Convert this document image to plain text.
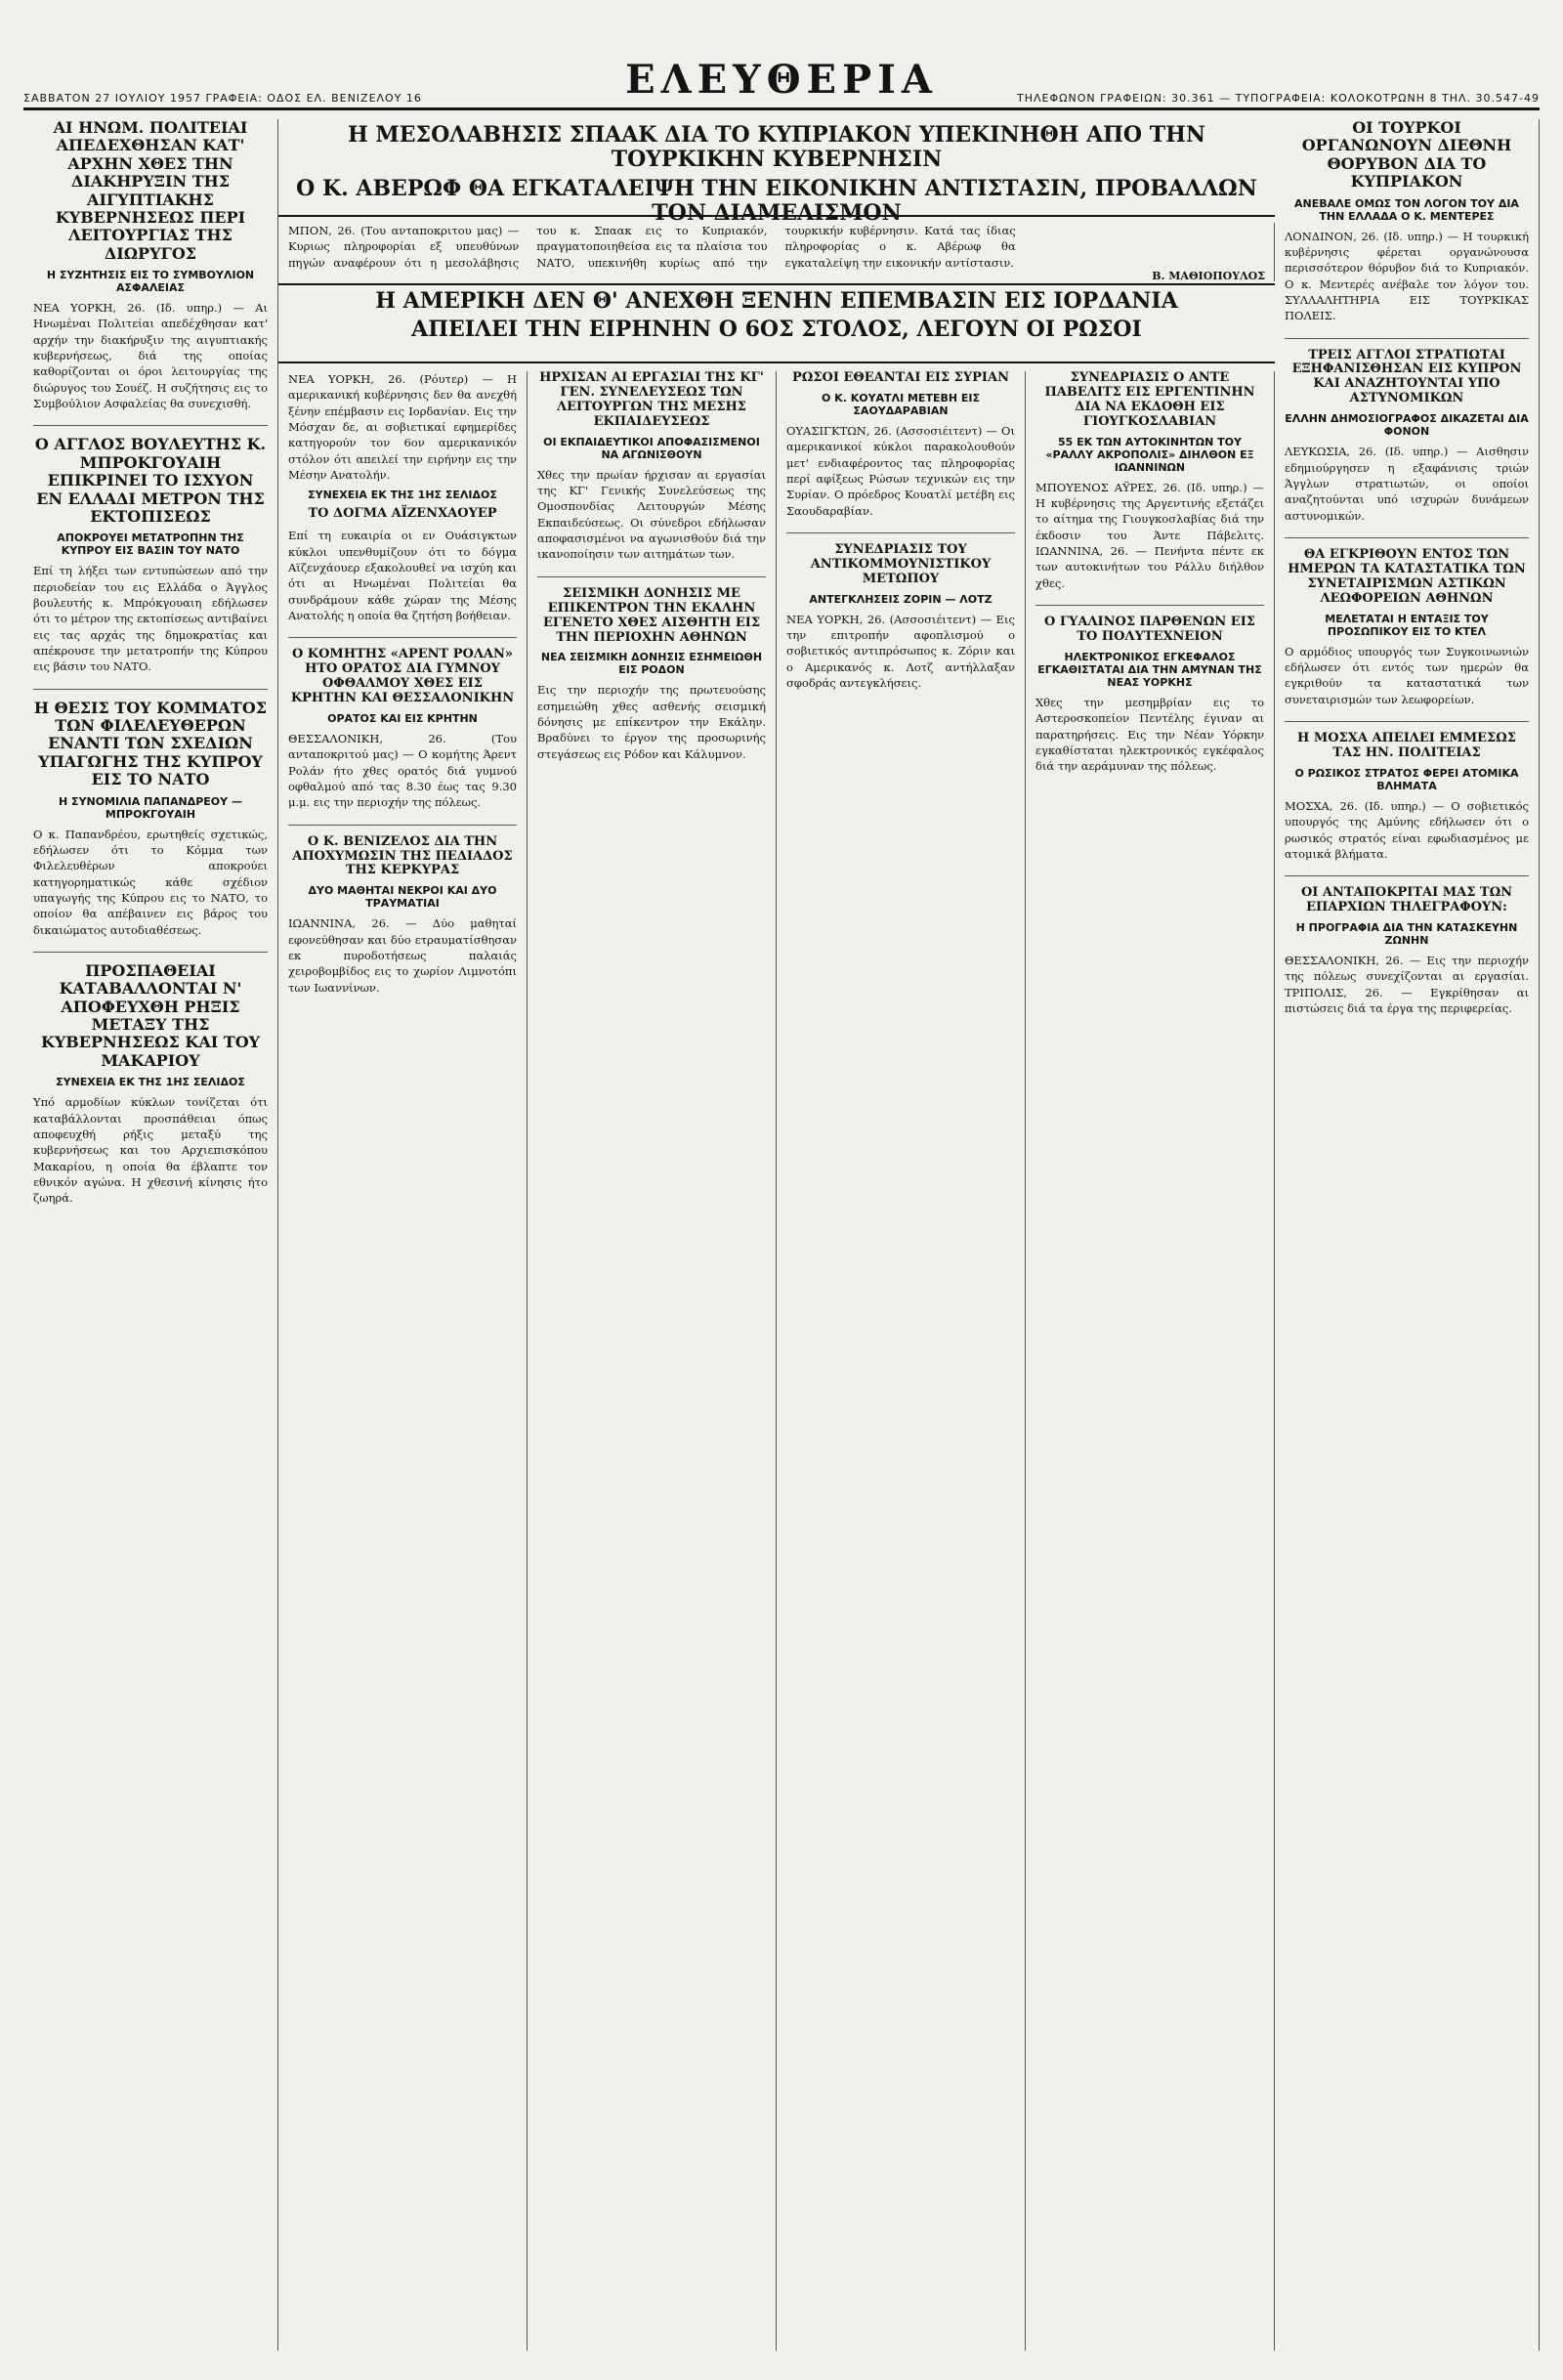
ΣΑΒΒΑΤΟΝ 27 ΙΟΥΛΙΟΥ 1957 ΓΡΑΦΕΙΑ: ΟΔΟΣ ΕΛ. ΒΕΝΙΖΕΛΟΥ 16	ΕΛΕΥΘΕΡΙΑ	ΤΗΛΕΦΩΝΟΝ ΓΡΑΦΕΙΩΝ: 30.361 — ΤΥΠΟΓΡΑΦΕΙΑ: ΚΟΛΟΚΟΤΡΩΝΗ 8 ΤΗΛ. 30.547-49
Η ΜΕΣΟΛΑΒΗΣΙΣ ΣΠΑΑΚ ΔΙΑ ΤΟ ΚΥΠΡΙΑΚΟΝ ΥΠΕΚΙΝΗΘΗ ΑΠΟ ΤΗΝ ΤΟΥΡΚΙΚΗΝ ΚΥΒΕΡΝΗΣΙΝ
Ο Κ. ΑΒΕΡΩΦ ΘΑ ΕΓΚΑΤΑΛΕΙΨΗ ΤΗΝ ΕΙΚΟΝΙΚΗΝ ΑΝΤΙΣΤΑΣΙΝ, ΠΡΟΒΑΛΛΩΝ ΤΟΝ ΔΙΑΜΕΛΙΣΜΟΝ
Η ΑΜΕΡΙΚΗ ΔΕΝ Θ' ΑΝΕΧΘΗ ΞΕΝΗΝ ΕΠΕΜΒΑΣΙΝ ΕΙΣ ΙΟΡΔΑΝΙΑ
ΑΠΕΙΛΕΙ ΤΗΝ ΕΙΡΗΝΗΝ Ο 6ΟΣ ΣΤΟΛΟΣ, ΛΕΓΟΥΝ ΟΙ ΡΩΣΟΙ
ΑΙ ΗΝΩΜ. ΠΟΛΙΤΕΙΑΙ ΑΠΕΔΕΧΘΗΣΑΝ ΚΑΤ' ΑΡΧΗΝ ΧΘΕΣ ΤΗΝ ΔΙΑΚΗΡΥΞΙΝ ΤΗΣ ΑΙΓΥΠΤΙΑΚΗΣ ΚΥΒΕΡΝΗΣΕΩΣ ΠΕΡΙ ΛΕΙΤΟΥΡΓΙΑΣ ΤΗΣ ΔΙΩΡΥΓΟΣ
Η ΣΥΖΗΤΗΣΙΣ ΕΙΣ ΤΟ ΣΥΜΒΟΥΛΙΟΝ ΑΣΦΑΛΕΙΑΣ

ΝΕΑ ΥΟΡΚΗ, 26. (Ιδ. υπηρ.) — Αι Ηνωμέναι Πολιτείαι απεδέχθησαν κατ' αρχήν την διακήρυξιν της αιγυπτιακής κυβερνήσεως, διά της οποίας καθορίζονται οι όροι λειτουργίας της διώρυγος του Σουέζ. Η συζήτησις εις το Συμβούλιον Ασφαλείας θα συνεχισθή.

Ο ΑΓΓΛΟΣ ΒΟΥΛΕΥΤΗΣ Κ. ΜΠΡΟΚΓΟΥΑΙΗ ΕΠΙΚΡΙΝΕΙ ΤΟ ΙΣΧΥΟΝ ΕΝ ΕΛΛΑΔΙ ΜΕΤΡΟΝ ΤΗΣ ΕΚΤΟΠΙΣΕΩΣ
ΑΠΟΚΡΟΥΕΙ ΜΕΤΑΤΡΟΠΗΝ ΤΗΣ ΚΥΠΡΟΥ ΕΙΣ ΒΑΣΙΝ ΤΟΥ ΝΑΤΟ

Επί τη λήξει των εντυπώσεων από την περιοδείαν του εις Ελλάδα ο Άγγλος βουλευτής κ. Μπρόκγουαιη εδήλωσεν ότι το μέτρον της εκτοπίσεως αντιβαίνει εις τας αρχάς της δημοκρατίας και απέκρουσε την μετατροπήν της Κύπρου εις βάσιν του ΝΑΤΟ.

Η ΘΕΣΙΣ ΤΟΥ ΚΟΜΜΑΤΟΣ ΤΩΝ ΦΙΛΕΛΕΥΘΕΡΩΝ ΕΝΑΝΤΙ ΤΩΝ ΣΧΕΔΙΩΝ ΥΠΑΓΩΓΗΣ ΤΗΣ ΚΥΠΡΟΥ ΕΙΣ ΤΟ ΝΑΤΟ
Η ΣΥΝΟΜΙΛΙΑ ΠΑΠΑΝΔΡΕΟΥ — ΜΠΡΟΚΓΟΥΑΙΗ

Ο κ. Παπανδρέου, ερωτηθείς σχετικώς, εδήλωσεν ότι το Κόμμα των Φιλελευθέρων αποκρούει κατηγορηματικώς κάθε σχέδιον υπαγωγής της Κύπρου εις το ΝΑΤΟ, το οποίον θα απέβαινεν εις βάρος του δικαιώματος αυτοδιαθέσεως.

ΠΡΟΣΠΑΘΕΙΑΙ ΚΑΤΑΒΑΛΛΟΝΤΑΙ Ν' ΑΠΟΦΕΥΧΘΗ ΡΗΞΙΣ ΜΕΤΑΞΥ ΤΗΣ ΚΥΒΕΡΝΗΣΕΩΣ ΚΑΙ ΤΟΥ ΜΑΚΑΡΙΟΥ
ΣΥΝΕΧΕΙΑ ΕΚ ΤΗΣ 1ΗΣ ΣΕΛΙΔΟΣ

Υπό αρμοδίων κύκλων τονίζεται ότι καταβάλλονται προσπάθειαι όπως αποφευχθή ρήξις μεταξύ της κυβερνήσεως και του Αρχιεπισκόπου Μακαρίου, η οποία θα έβλαπτε τον εθνικόν αγώνα. Η χθεσινή κίνησις ήτο ζωηρά.

ΜΠΟΝ, 26. (Του ανταποκριτου μας) — Κυριως πληροφορίαι εξ υπευθύνων πηγών αναφέρουν ότι η μεσολάβησις του κ. Σπαακ εις το Κυπριακόν, πραγματοποιηθείσα εις τα πλαίσια του ΝΑΤΟ, υπεκινήθη κυρίως από την τουρκικήν κυβέρνησιν. Κατά τας ίδιας πληροφορίας ο κ. Αβέρωφ θα εγκαταλείψη την εικονικήν αντίστασιν.

Β. ΜΑΘΙΟΠΟΥΛΟΣ

ΝΕΑ ΥΟΡΚΗ, 26. (Ρόυτερ) — Η αμερικανική κυβέρνησις δεν θα ανεχθή ξένην επέμβασιν εις Ιορδανίαν. Εις την Μόσχαν δε, αι σοβιετικαί εφημερίδες κατηγορούν τον 6ον αμερικανικόν στόλον ότι απειλεί την ειρήνην εις την Μέσην Ανατολήν.

ΣΥΝΕΧΕΙΑ ΕΚ ΤΗΣ 1ΗΣ ΣΕΛΙΔΟΣ
ΤΟ ΔΟΓΜΑ ΑΪΖΕΝΧΑΟΥΕΡ

Επί τη ευκαιρία οι εν Ουάσιγκτων κύκλοι υπενθυμίζουν ότι το δόγμα Αϊζενχάουερ εξακολουθεί να ισχύη και ότι αι Ηνωμέναι Πολιτείαι θα συνδράμουν κάθε χώραν της Μέσης Ανατολής η οποία θα ζητήση βοήθειαν.

Ο ΚΟΜΗΤΗΣ «ΑΡΕΝΤ ΡΟΛΑΝ» ΗΤΟ ΟΡΑΤΟΣ ΔΙΑ ΓΥΜΝΟΥ ΟΦΘΑΛΜΟΥ ΧΘΕΣ ΕΙΣ ΚΡΗΤΗΝ ΚΑΙ ΘΕΣΣΑΛΟΝΙΚΗΝ
ΟΡΑΤΟΣ ΚΑΙ ΕΙΣ ΚΡΗΤΗΝ

ΘΕΣΣΑΛΟΝΙΚΗ, 26. (Του ανταποκριτού μας) — Ο κομήτης Άρεντ Ρολάν ήτο χθες ορατός διά γυμνού οφθαλμού από τας 8.30 έως τας 9.30 μ.μ. εις την περιοχήν της πόλεως.

Ο Κ. ΒΕΝΙΖΕΛΟΣ ΔΙΑ ΤΗΝ ΑΠΟΧΥΜΩΣΙΝ ΤΗΣ ΠΕΔΙΑΔΟΣ ΤΗΣ ΚΕΡΚΥΡΑΣ
ΔΥΟ ΜΑΘΗΤΑΙ ΝΕΚΡΟΙ ΚΑΙ ΔΥΟ ΤΡΑΥΜΑΤΙΑΙ

ΙΩΑΝΝΙΝΑ, 26. — Δύο μαθηταί εφονεύθησαν και δύο ετραυματίσθησαν εκ πυροδοτήσεως παλαιάς χειροβομβίδος εις το χωρίον Λιμνοτόπι των Ιωαννίνων.

ΗΡΧΙΣΑΝ ΑΙ ΕΡΓΑΣΙΑΙ ΤΗΣ ΚΓ' ΓΕΝ. ΣΥΝΕΛΕΥΣΕΩΣ ΤΩΝ ΛΕΙΤΟΥΡΓΩΝ ΤΗΣ ΜΕΣΗΣ ΕΚΠΑΙΔΕΥΣΕΩΣ
ΟΙ ΕΚΠΑΙΔΕΥΤΙΚΟΙ ΑΠΟΦΑΣΙΣΜΕΝΟΙ ΝΑ ΑΓΩΝΙΣΘΟΥΝ

Χθες την πρωίαν ήρχισαν αι εργασίαι της ΚΓ' Γενικής Συνελεύσεως της Ομοσπονδίας Λειτουργών Μέσης Εκπαιδεύσεως. Οι σύνεδροι εδήλωσαν αποφασισμένοι να αγωνισθούν διά την ικανοποίησιν των αιτημάτων των.

ΣΕΙΣΜΙΚΗ ΔΟΝΗΣΙΣ ΜΕ ΕΠΙΚΕΝΤΡΟΝ ΤΗΝ ΕΚΑΛΗΝ ΕΓΕΝΕΤΟ ΧΘΕΣ ΑΙΣΘΗΤΗ ΕΙΣ ΤΗΝ ΠΕΡΙΟΧΗΝ ΑΘΗΝΩΝ
ΝΕΑ ΣΕΙΣΜΙΚΗ ΔΟΝΗΣΙΣ ΕΣΗΜΕΙΩΘΗ ΕΙΣ ΡΟΔΟΝ

Εις την περιοχήν της πρωτευούσης εσημειώθη χθες ασθενής σεισμική δόνησις με επίκεντρον την Εκάλην. Βραδύνει το έργον της προσωρινής στεγάσεως εις Ρόδον και Κάλυμνον.

ΡΩΣΟΙ ΕΘΕΑΝΤΑΙ ΕΙΣ ΣΥΡΙΑΝ
Ο Κ. ΚΟΥΑΤΛΙ ΜΕΤΕΒΗ ΕΙΣ ΣΑΟΥΔΑΡΑΒΙΑΝ

ΟΥΑΣΙΓΚΤΩΝ, 26. (Ασσοσιέιτεντ) — Οι αμερικανικοί κύκλοι παρακολουθούν μετ' ενδιαφέροντος τας πληροφορίας περί αφίξεως Ρώσων τεχνικών εις την Συρίαν. Ο πρόεδρος Κουατλί μετέβη εις Σαουδαραβίαν.

ΣΥΝΕΔΡΙΑΣΙΣ ΤΟΥ ΑΝΤΙΚΟΜΜΟΥΝΙΣΤΙΚΟΥ ΜΕΤΩΠΟΥ
ΑΝΤΕΓΚΛΗΣΕΙΣ ΖΟΡΙΝ — ΛΟΤΖ

ΝΕΑ ΥΟΡΚΗ, 26. (Ασσοσιέιτεντ) — Εις την επιτροπήν αφοπλισμού ο σοβιετικός αντιπρόσωπος κ. Ζόριν και ο Αμερικανός κ. Λοτζ αντήλλαξαν σφοδράς αντεγκλήσεις.

ΣΥΝΕΔΡΙΑΣΙΣ Ο ΑΝΤΕ ΠΑΒΕΛΙΤΣ ΕΙΣ ΕΡΓΕΝΤΙΝΗΝ ΔΙΑ ΝΑ ΕΚΔΟΘΗ ΕΙΣ ΓΙΟΥΓΚΟΣΛΑΒΙΑΝ
55 ΕΚ ΤΩΝ ΑΥΤΟΚΙΝΗΤΩΝ ΤΟΥ «ΡΑΛΛΥ ΑΚΡΟΠΟΛΙΣ» ΔΙΗΛΘΟΝ ΕΞ ΙΩΑΝΝΙΝΩΝ

ΜΠΟΥΕΝΟΣ ΑΫΡΕΣ, 26. (Ιδ. υπηρ.) — Η κυβέρνησις της Αργεντινής εξετάζει το αίτημα της Γιουγκοσλαβίας διά την έκδοσιν του Άντε Πάβελιτς. ΙΩΑΝΝΙΝΑ, 26. — Πενήντα πέντε εκ των αυτοκινήτων του Ράλλυ διήλθον χθες.

Ο ΓΥΑΛΙΝΟΣ ΠΑΡΘΕΝΩΝ ΕΙΣ ΤΟ ΠΟΛΥΤΕΧΝΕΙΟΝ
ΗΛΕΚΤΡΟΝΙΚΟΣ ΕΓΚΕΦΑΛΟΣ ΕΓΚΑΘΙΣΤΑΤΑΙ ΔΙΑ ΤΗΝ ΑΜΥΝΑΝ ΤΗΣ ΝΕΑΣ ΥΟΡΚΗΣ

Χθες την μεσημβρίαν εις το Αστεροσκοπείον Πεντέλης έγιναν αι παρατηρήσεις. Εις την Νέαν Υόρκην εγκαθίσταται ηλεκτρονικός εγκέφαλος διά την αεράμυναν της πόλεως.

ΟΙ ΤΟΥΡΚΟΙ ΟΡΓΑΝΩΝΟΥΝ ΔΙΕΘΝΗ ΘΟΡΥΒΟΝ ΔΙΑ ΤΟ ΚΥΠΡΙΑΚΟΝ
ΑΝΕΒΑΛΕ ΟΜΩΣ ΤΟΝ ΛΟΓΟΝ ΤΟΥ ΔΙΑ ΤΗΝ ΕΛΛΑΔΑ Ο Κ. ΜΕΝΤΕΡΕΣ

ΛΟΝΔΙΝΟΝ, 26. (Ιδ. υπηρ.) — Η τουρκική κυβέρνησις φέρεται οργανώνουσα περισσότερον θόρυβον διά το Κυπριακόν. Ο κ. Μεντερές ανέβαλε τον λόγον του. ΣΥΛΛΑΛΗΤΗΡΙΑ ΕΙΣ ΤΟΥΡΚΙΚΑΣ ΠΟΛΕΙΣ.

ΤΡΕΙΣ ΑΓΓΛΟΙ ΣΤΡΑΤΙΩΤΑΙ ΕΞΗΦΑΝΙΣΘΗΣΑΝ ΕΙΣ ΚΥΠΡΟΝ ΚΑΙ ΑΝΑΖΗΤΟΥΝΤΑΙ ΥΠΟ ΑΣΤΥΝΟΜΙΚΩΝ
ΕΛΛΗΝ ΔΗΜΟΣΙΟΓΡΑΦΟΣ ΔΙΚΑΖΕΤΑΙ ΔΙΑ ΦΟΝΟΝ

ΛΕΥΚΩΣΙΑ, 26. (Ιδ. υπηρ.) — Αισθησιν εδημιούργησεν η εξαφάνισις τριών Άγγλων στρατιωτών, οι οποίοι αναζητούνται υπό ισχυρών δυνάμεων αστυνομικών.

ΘΑ ΕΓΚΡΙΘΟΥΝ ΕΝΤΟΣ ΤΩΝ ΗΜΕΡΩΝ ΤΑ ΚΑΤΑΣΤΑΤΙΚΑ ΤΩΝ ΣΥΝΕΤΑΙΡΙΣΜΩΝ ΑΣΤΙΚΩΝ ΛΕΩΦΟΡΕΙΩΝ ΑΘΗΝΩΝ
ΜΕΛΕΤΑΤΑΙ Η ΕΝΤΑΞΙΣ ΤΟΥ ΠΡΟΣΩΠΙΚΟΥ ΕΙΣ ΤΟ ΚΤΕΛ

Ο αρμόδιος υπουργός των Συγκοινωνιών εδήλωσεν ότι εντός των ημερών θα εγκριθούν τα καταστατικά των συνεταιρισμών των λεωφορείων.

Η ΜΟΣΧΑ ΑΠΕΙΛΕΙ ΕΜΜΕΣΩΣ ΤΑΣ ΗΝ. ΠΟΛΙΤΕΙΑΣ
Ο ΡΩΣΙΚΟΣ ΣΤΡΑΤΟΣ ΦΕΡΕΙ ΑΤΟΜΙΚΑ ΒΛΗΜΑΤΑ

ΜΟΣΧΑ, 26. (Ιδ. υπηρ.) — Ο σοβιετικός υπουργός της Αμύνης εδήλωσεν ότι ο ρωσικός στρατός είναι εφωδιασμένος με ατομικά βλήματα.

ΟΙ ΑΝΤΑΠΟΚΡΙΤΑΙ ΜΑΣ ΤΩΝ ΕΠΑΡΧΙΩΝ ΤΗΛΕΓΡΑΦΟΥΝ:
Η ΠΡΟΓΡΑΦΙΑ ΔΙΑ ΤΗΝ ΚΑΤΑΣΚΕΥΗΝ ΖΩΝΗΝ

ΘΕΣΣΑΛΟΝΙΚΗ, 26. — Εις την περιοχήν της πόλεως συνεχίζονται αι εργασίαι. ΤΡΙΠΟΛΙΣ, 26. — Εγκρίθησαν αι πιστώσεις διά τα έργα της περιφερείας.
